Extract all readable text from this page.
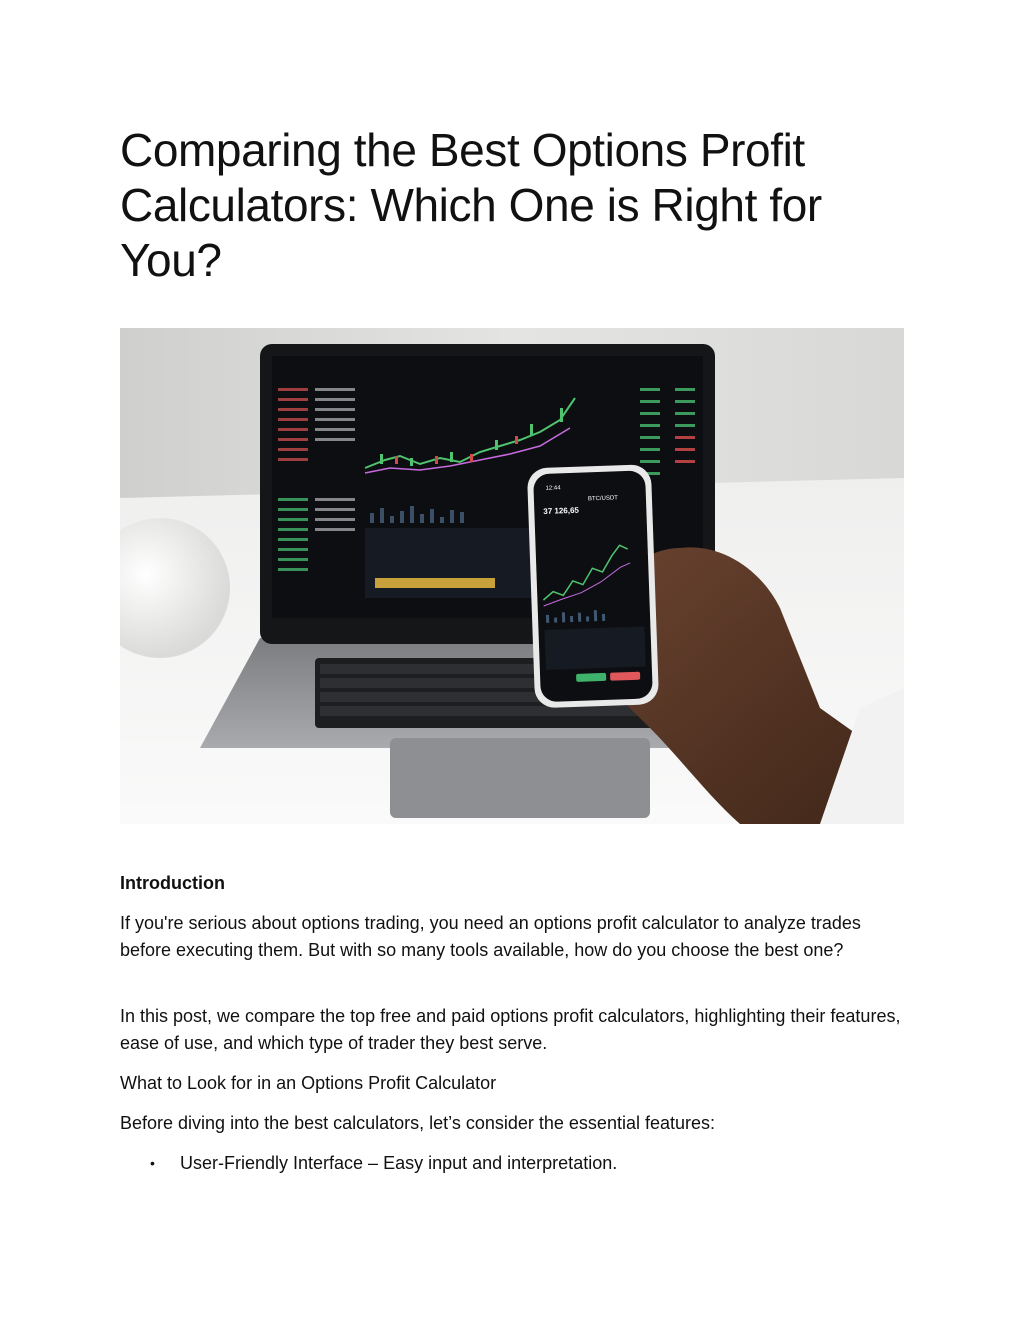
Comparing the Best Options Profit Calculators: Which One is Right for You?
12:44
BTC/USDT
37 126,65
Introduction

If you're serious about options trading, you need an options profit calculator to analyze trades before executing them. But with so many tools available, how do you choose the best one?

In this post, we compare the top free and paid options profit calculators, highlighting their features, ease of use, and which type of trader they best serve.

What to Look for in an Options Profit Calculator

Before diving into the best calculators, let’s consider the essential features:

• User-Friendly Interface – Easy input and interpretation.
